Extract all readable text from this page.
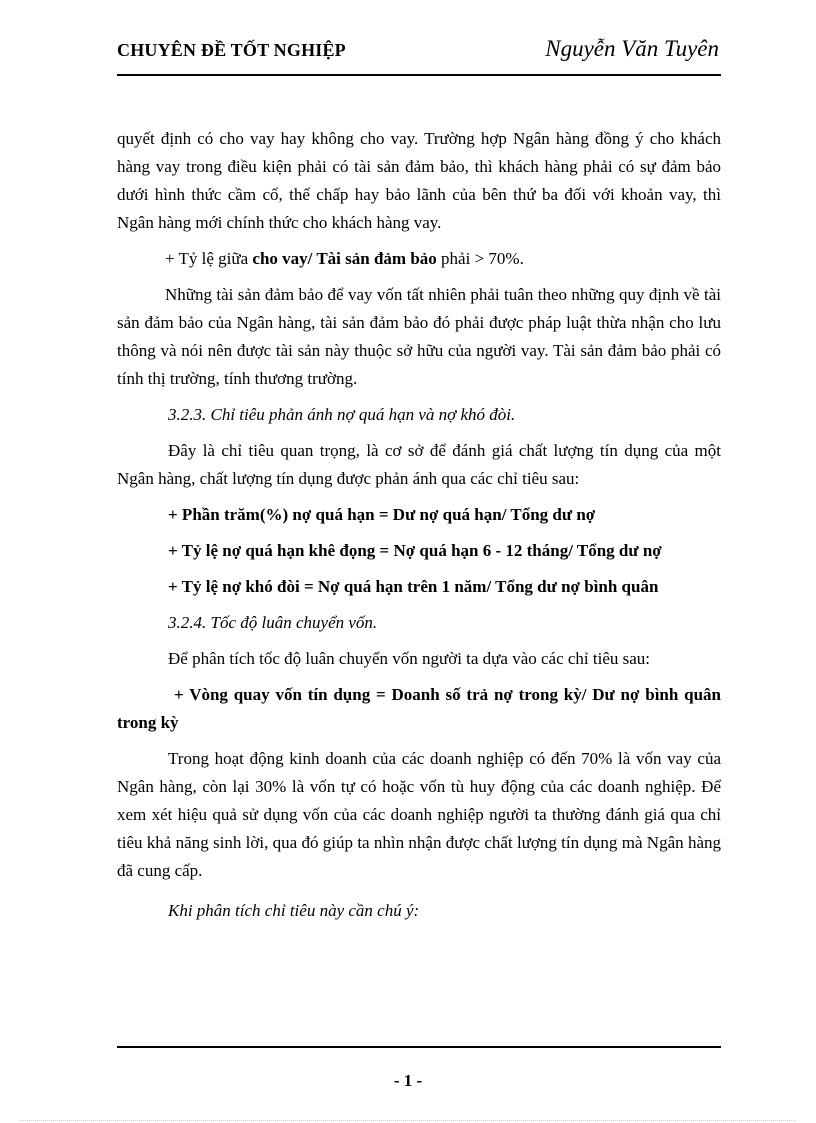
CHUYÊN ĐỀ TỐT NGHIỆP	Nguyễn Văn Tuyên

quyết định có cho vay hay không cho vay. Trường hợp Ngân hàng đồng ý cho khách hàng vay trong điều kiện phải có tài sản đảm bảo, thì khách hàng phải có sự đảm bảo dưới hình thức cầm cố, thế chấp hay bảo lãnh của bên thứ ba đối với khoản vay, thì Ngân hàng mới chính thức cho khách hàng vay.

+ Tỷ lệ giữa cho vay/ Tài sản đảm bảo phải > 70%.

Những tài sản đảm bảo để vay vốn tất nhiên phải tuân theo những quy định về tài sản đảm bảo của Ngân hàng, tài sản đảm bảo đó phải được pháp luật thừa nhận cho lưu thông và nói nên được tài sản này thuộc sở hữu của người vay. Tài sản đảm bảo phải có tính thị trường, tính thương trường.

3.2.3. Chỉ tiêu phản ánh nợ quá hạn và nợ khó đòi.

Đây là chỉ tiêu quan trọng, là cơ sở để đánh giá chất lượng tín dụng của một Ngân hàng, chất lượng tín dụng được phản ánh qua các chỉ tiêu sau:

+ Phần trăm(%) nợ quá hạn = Dư nợ quá hạn/ Tổng dư nợ

+ Tỷ lệ nợ quá hạn khê đọng = Nợ quá hạn 6 - 12 tháng/ Tổng dư nợ

+ Tỷ lệ nợ khó đòi = Nợ quá hạn trên 1 năm/ Tổng dư nợ bình quân

3.2.4. Tốc độ luân chuyển vốn.

Để phân tích tốc độ luân chuyển vốn người ta dựa vào các chỉ tiêu sau:

+ Vòng quay vốn tín dụng = Doanh số trả nợ trong kỳ/ Dư nợ bình quân trong kỳ

Trong hoạt động kinh doanh của các doanh nghiệp có đến 70% là vốn vay của Ngân hàng, còn lại 30% là vốn tự có hoặc vốn tù huy động của các doanh nghiệp. Để xem xét hiệu quả sử dụng vốn của các doanh nghiệp người ta thường đánh giá qua chỉ tiêu khả năng sinh lời, qua đó giúp ta nhìn nhận được chất lượng tín dụng mà Ngân hàng đã cung cấp.

Khi phân tích chỉ tiêu này cần chú ý:

- 1 -
